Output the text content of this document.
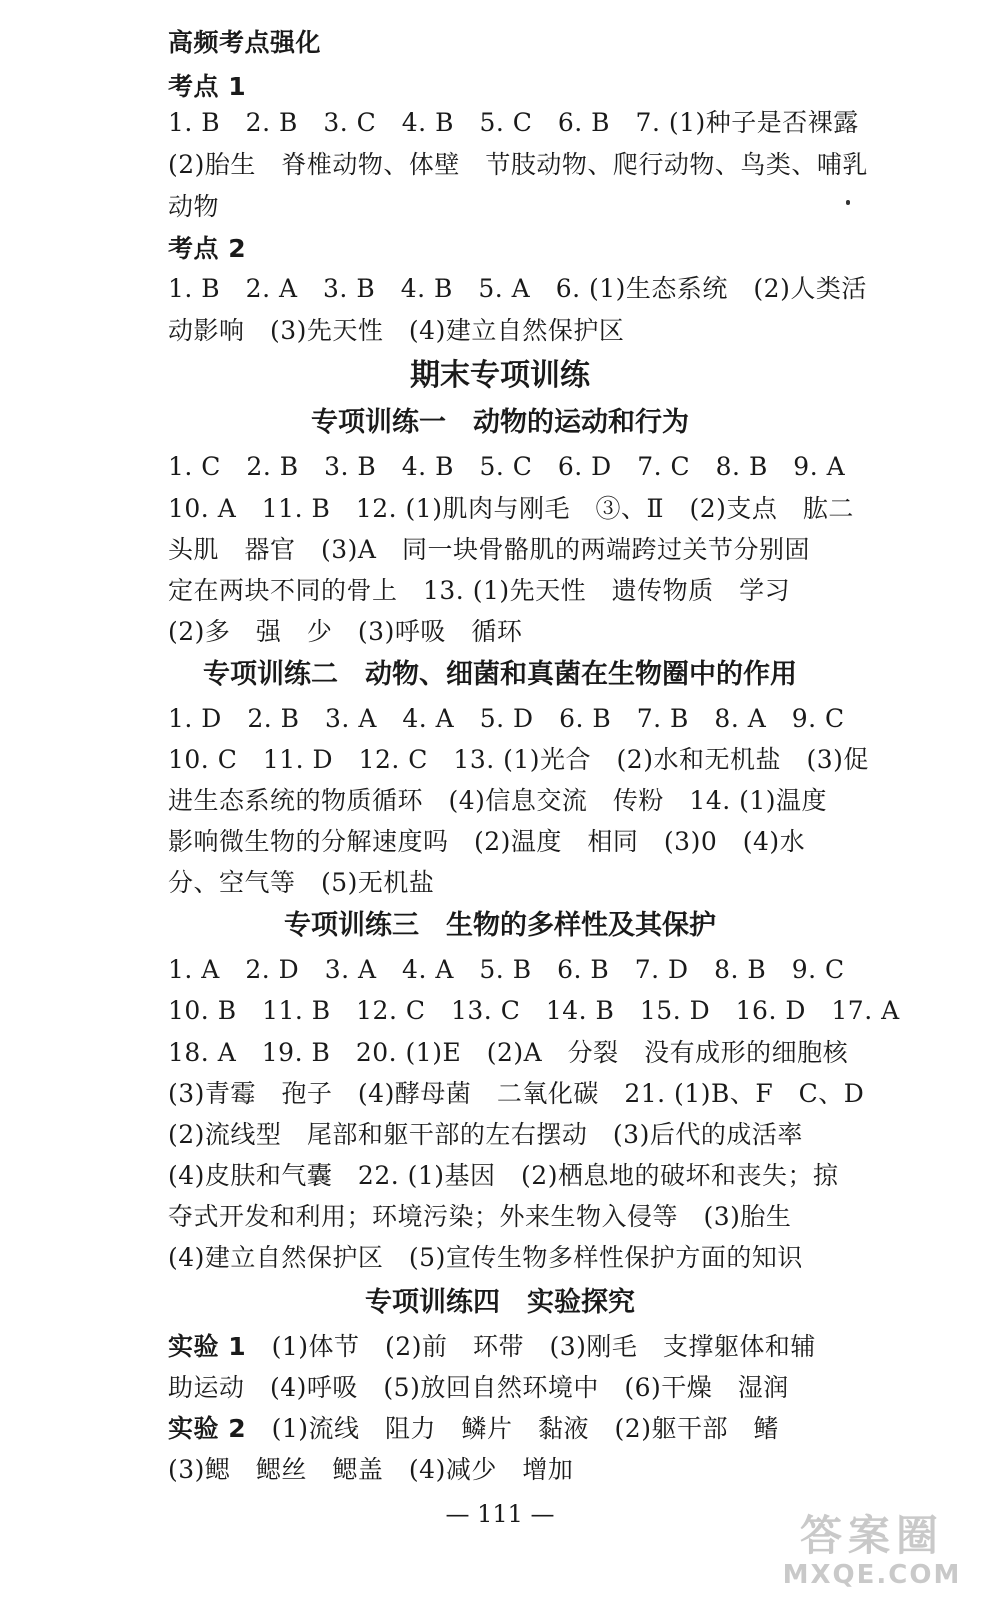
高频考点强化
考点 1
1. B　2. B　3. C　4. B　5. C　6. B　7. (1)种子是否裸露
(2)胎生　脊椎动物、体壁　节肢动物、爬行动物、鸟类、哺乳
动物
考点 2
1. B　2. A　3. B　4. B　5. A　6. (1)生态系统　(2)人类活
动影响　(3)先天性　(4)建立自然保护区
期末专项训练
专项训练一　动物的运动和行为
1. C　2. B　3. B　4. B　5. C　6. D　7. C　8. B　9. A
10. A　11. B　12. (1)肌肉与刚毛　③、Ⅱ　(2)支点　肱二
头肌　器官　(3)A　同一块骨骼肌的两端跨过关节分别固
定在两块不同的骨上　13. (1)先天性　遗传物质　学习
(2)多　强　少　(3)呼吸　循环
专项训练二　动物、细菌和真菌在生物圈中的作用
1. D　2. B　3. A　4. A　5. D　6. B　7. B　8. A　9. C
10. C　11. D　12. C　13. (1)光合　(2)水和无机盐　(3)促
进生态系统的物质循环　(4)信息交流　传粉　14. (1)温度
影响微生物的分解速度吗　(2)温度　相同　(3)0　(4)水
分、空气等　(5)无机盐
专项训练三　生物的多样性及其保护
1. A　2. D　3. A　4. A　5. B　6. B　7. D　8. B　9. C
10. B　11. B　12. C　13. C　14. B　15. D　16. D　17. A
18. A　19. B　20. (1)E　(2)A　分裂　没有成形的细胞核
(3)青霉　孢子　(4)酵母菌　二氧化碳　21. (1)B、F　C、D
(2)流线型　尾部和躯干部的左右摆动　(3)后代的成活率
(4)皮肤和气囊　22. (1)基因　(2)栖息地的破坏和丧失；掠
夺式开发和利用；环境污染；外来生物入侵等　(3)胎生
(4)建立自然保护区　(5)宣传生物多样性保护方面的知识
专项训练四　实验探究
实验 1　 (1)体节　(2)前　环带　(3)刚毛　支撑躯体和辅
助运动　(4)呼吸　(5)放回自然环境中　(6)干燥　湿润
实验 2　 (1)流线　阻力　鳞片　黏液　(2)躯干部　鳍
(3)鳃　鳃丝　鳃盖　(4)减少　增加
— 111 —	答案圈
MXQE.COM
